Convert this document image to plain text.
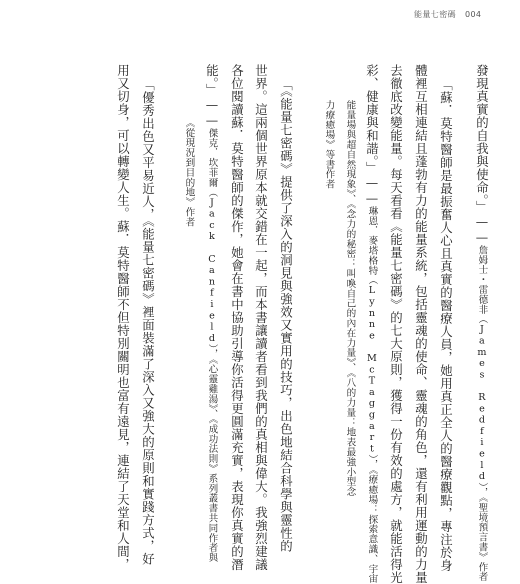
能量七密碼 004
發現真實的自我與使命。」——詹姆士・雷德非（James Redfield），《聖境預言書》作者
「蘇．莫特醫師是最振奮人心且真實的醫療人員，她用真正全人的醫療觀點，專注於身
體裡互相連結且蓬勃有力的能量系統，包括靈魂的使命、靈魂的角色，還有利用運動的力量
去徹底改變能量。每天看看《能量七密碼》的七大原則，獲得一份有效的處方，就能活得光
彩、健康與和諧。」——琳恩．麥塔格特（Lynne McTaggart），《療癒場：探索意識、宇宙
能量場與超自然現象》、《念力的秘密：叫喚自己的內在力量》、《八的力量：地表最強小型念
力療癒場》等書作者
「《能量七密碼》提供了深入的洞見與強效又實用的技巧，出色地結合科學與靈性的
世界。這兩個世界原本就交錯在一起，而本書讓讀者看到我們的真相與偉大。我強烈建議
各位閱讀蘇．莫特醫師的傑作，她會在書中協助引導你活得更圓滿充實，表現你真實的潛
能。」——傑克．坎菲爾（Jack Canfield），《心靈雞湯》、《成功法則》系列叢書共同作者與
《從現況到目的地》作者
「優秀出色又平易近人，《能量七密碼》裡面裝滿了深入又強大的原則和實踐方式，好
用又切身，可以轉變人生。蘇．莫特醫師不但特別關明也富有遠見，連結了天堂和人間，
